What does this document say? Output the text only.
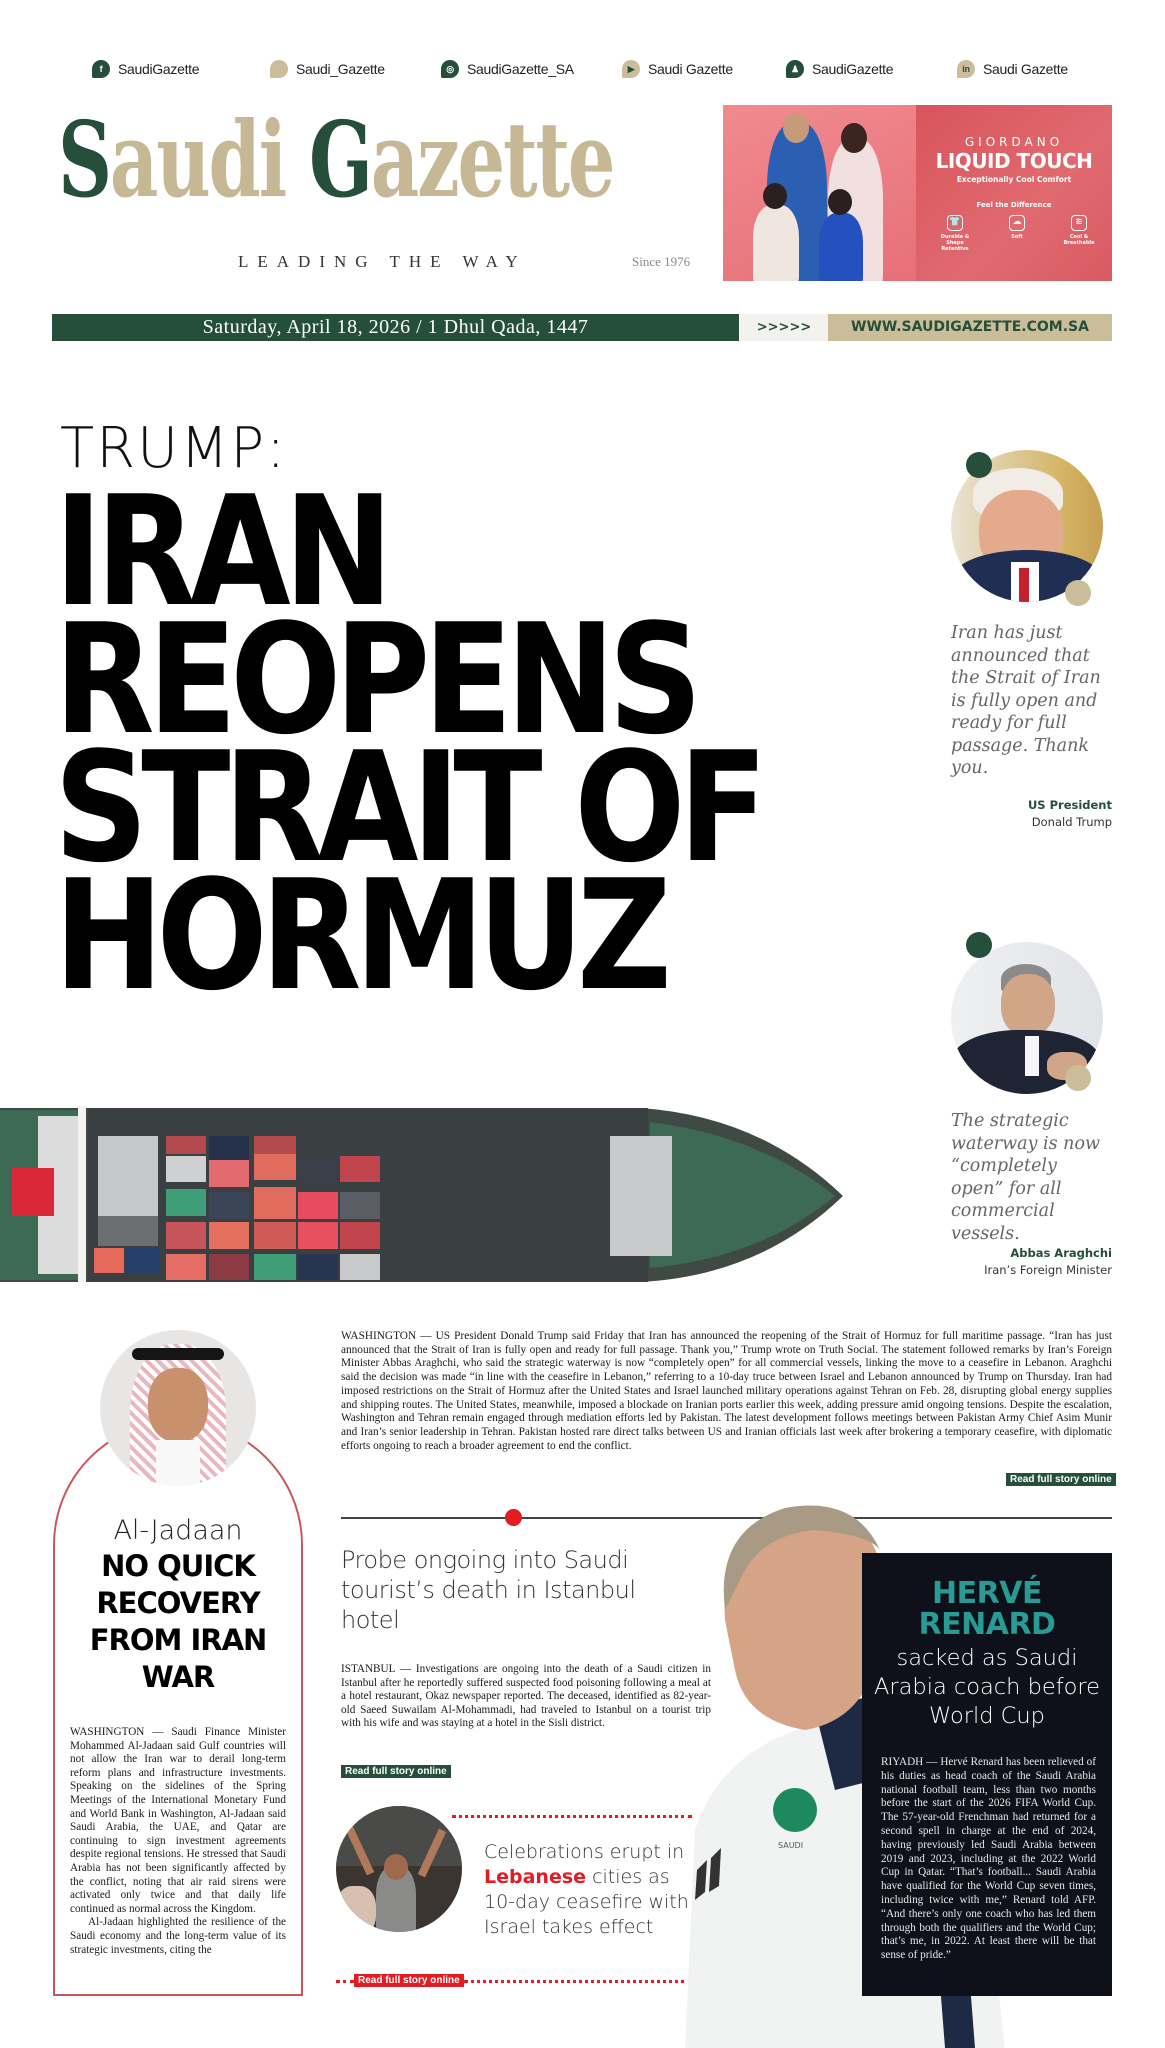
f	SaudiGazette	Saudi_Gazette	◎ SaudiGazette_SA	▶ Saudi Gazette	♟ SaudiGazette	in Saudi Gazette
Saudi Gazette
LEADING THE WAY	Since 1976
GIORDANO
LIQUID TOUCH
Exceptionally Cool Comfort
Feel the Difference
👕
Durable & Shape Retentive
☁
Soft
≋
Cool & Breathable
Saturday, April 18, 2026 / 1 Dhul Qada, 1447	>>>>>	WWW.SAUDIGAZETTE.COM.SA
TRUMP:
IRAN
REOPENS
STRAIT OF
HORMUZ
Iran has just announced that the Strait of Iran is fully open and ready for full passage. Thank you.
US President
Donald Trump
The strategic waterway is now “completely open” for all commercial vessels.
Abbas Araghchi
Iran’s Foreign Minister
WASHINGTON — US President Donald Trump said Friday that Iran has announced the reopening of the Strait of Hormuz for full maritime passage. “Iran has just announced that the Strait of Iran is fully open and ready for full passage. Thank you,” Trump wrote on Truth Social. The statement followed remarks by Iran’s Foreign Minister Abbas Araghchi, who said the strategic waterway is now “completely open” for all commercial vessels, linking the move to a ceasefire in Lebanon. Araghchi said the decision was made “in line with the ceasefire in Lebanon,” referring to a 10-day truce between Israel and Lebanon announced by Trump on Thursday. Iran had imposed restrictions on the Strait of Hormuz after the United States and Israel launched military operations against Tehran on Feb. 28, disrupting global energy supplies and shipping routes. The United States, meanwhile, imposed a blockade on Iranian ports earlier this week, adding pressure amid ongoing tensions. Despite the escalation, Washington and Tehran remain engaged through mediation efforts led by Pakistan. The latest development follows meetings between Pakistan Army Chief Asim Munir and Iran’s senior leadership in Tehran. Pakistan hosted rare direct talks between US and Iranian officials last week after brokering a temporary ceasefire, with diplomatic efforts ongoing to reach a broader agreement to end the conflict.
Read full story online
Al-Jadaan
NO QUICK RECOVERY FROM IRAN WAR

WASHINGTON — Saudi Finance Minister Mohammed Al-Jadaan said Gulf countries will not allow the Iran war to derail long-term reform plans and infrastructure investments. Speaking on the sidelines of the Spring Meetings of the International Monetary Fund and World Bank in Washington, Al-Jadaan said Saudi Arabia, the UAE, and Qatar are continuing to sign investment agreements despite regional tensions. He stressed that Saudi Arabia has not been significantly affected by the conflict, noting that air raid sirens were activated only twice and that daily life continued as normal across the Kingdom.

Al-Jadaan highlighted the resilience of the Saudi economy and the long-term value of its strategic investments, citing the

Probe ongoing into Saudi tourist’s death in Istanbul hotel
ISTANBUL — Investigations are ongoing into the death of a Saudi citizen in Istanbul after he reportedly suffered suspected food poisoning following a meal at a hotel restaurant, Okaz newspaper reported. The deceased, identified as 82-year-old Saeed Suwailam Al-Mohammadi, had traveled to Istanbul on a tourist trip with his wife and was staying at a hotel in the Sisli district.
Read full story online
Celebrations erupt in Lebanese cities as 10-day ceasefire with Israel takes effect
Read full story online
SAUDI
HERVÉ RENARD
sacked as Saudi Arabia coach before World Cup
RIYADH — Hervé Renard has been relieved of his duties as head coach of the Saudi Arabia national football team, less than two months before the start of the 2026 FIFA World Cup. The 57-year-old Frenchman had returned for a second spell in charge at the end of 2024, having previously led Saudi Arabia between 2019 and 2023, including at the 2022 World Cup in Qatar. “That’s football... Saudi Arabia have qualified for the World Cup seven times, including twice with me,” Renard told AFP. “And there’s only one coach who has led them through both the qualifiers and the World Cup; that’s me, in 2022. At least there will be that sense of pride.”
